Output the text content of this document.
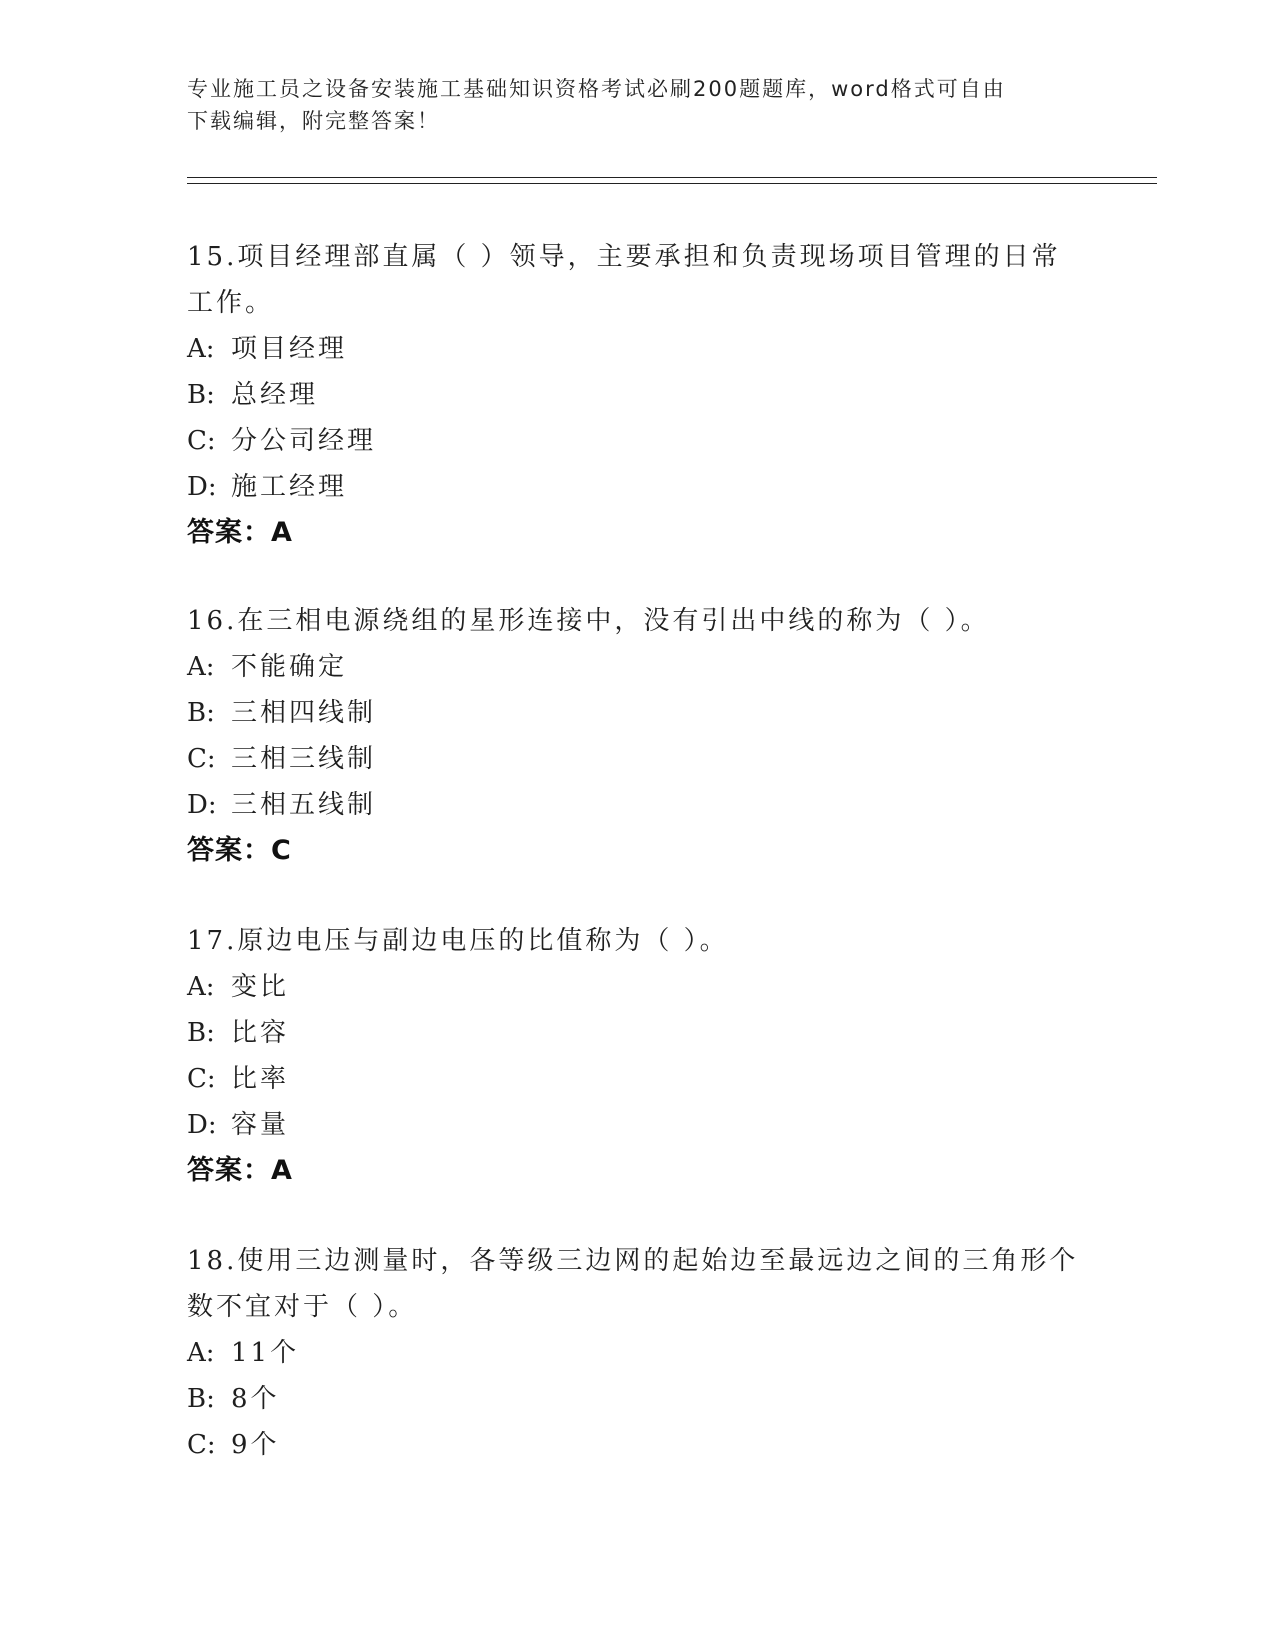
专业施工员之设备安装施工基础知识资格考试必刷200题题库，word格式可自由
下载编辑，附完整答案！

15.项目经理部直属（ ）领导，主要承担和负责现场项目管理的日常

工作。

A: 项目经理

B: 总经理

C: 分公司经理

D: 施工经理

答案：A

16.在三相电源绕组的星形连接中，没有引出中线的称为（ ）。

A: 不能确定

B: 三相四线制

C: 三相三线制

D: 三相五线制

答案：C

17.原边电压与副边电压的比值称为（ ）。

A: 变比

B: 比容

C: 比率

D: 容量

答案：A

18.使用三边测量时，各等级三边网的起始边至最远边之间的三角形个

数不宜对于（ ）。

A: 11个

B: 8个

C: 9个
